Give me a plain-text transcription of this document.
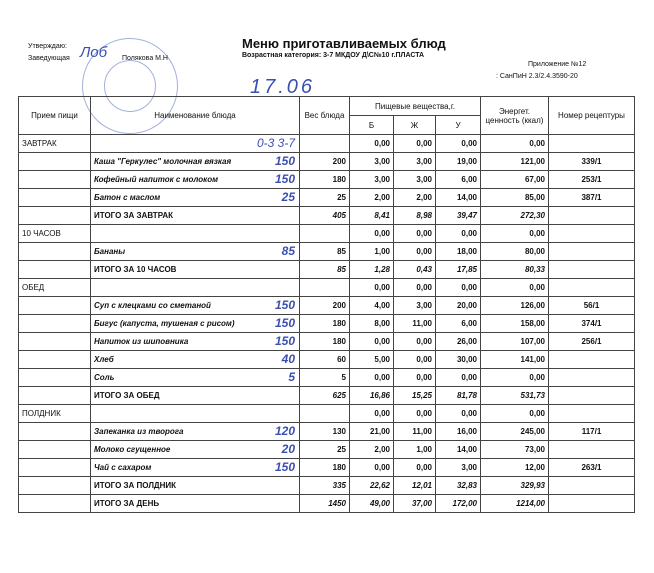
Утверждаю:
Заведующая Лоб Полякова М.Н
Меню приготавливаемых блюд
Возрастная категория: 3-7 МКДОУ Д\С№10 г.ПЛАСТА
Приложение №12
: СанПиН 2.3/2.4.3590-20
17.06
Прием пищи	Наименование блюда	Вес блюда	Пищевые вещества,г.			Энергет. ценность (ккал)	Номер рецептуры
			Б	Ж	У		
ЗАВТРАК	0-3 3-7		0,00	0,00	0,00	0,00	
	Каша "Геркулес" молочная вязкая 150	200	3,00	3,00	19,00	121,00	339/1
	Кофейный напиток с молоком 150	180	3,00	3,00	6,00	67,00	253/1
	Батон с маслом 25	25	2,00	2,00	14,00	85,00	387/1
	ИТОГО ЗА ЗАВТРАК	405	8,41	8,98	39,47	272,30	
10 ЧАСОВ			0,00	0,00	0,00	0,00	
	Бананы 85	85	1,00	0,00	18,00	80,00	
	ИТОГО ЗА 10 ЧАСОВ	85	1,28	0,43	17,85	80,33	
ОБЕД			0,00	0,00	0,00	0,00	
	Суп с клецками со сметаной 150	200	4,00	3,00	20,00	126,00	56/1
	Бигус (капуста, тушеная с рисом) 150	180	8,00	11,00	6,00	158,00	374/1
	Напиток из шиповника 150	180	0,00	0,00	26,00	107,00	256/1
	Хлеб 40	60	5,00	0,00	30,00	141,00	
	Соль 5	5	0,00	0,00	0,00	0,00	
	ИТОГО ЗА ОБЕД	625	16,86	15,25	81,78	531,73	
ПОЛДНИК			0,00	0,00	0,00	0,00	
	Запеканка из творога 120	130	21,00	11,00	16,00	245,00	117/1
	Молоко сгущенное 20	25	2,00	1,00	14,00	73,00	
	Чай с сахаром 150	180	0,00	0,00	3,00	12,00	263/1
	ИТОГО ЗА ПОЛДНИК	335	22,62	12,01	32,83	329,93	
	ИТОГО ЗА ДЕНЬ	1450	49,00	37,00	172,00	1214,00	
